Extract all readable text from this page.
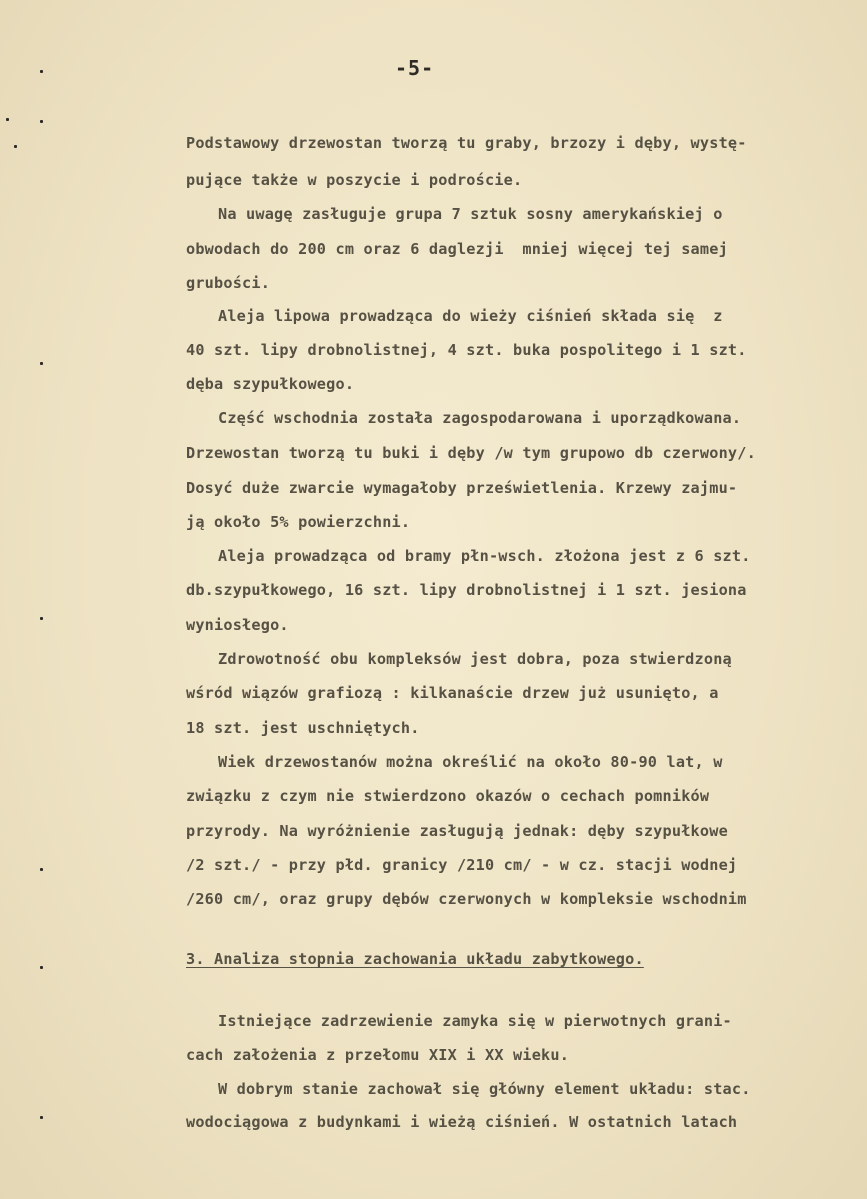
-5-
Podstawowy drzewostan tworzą tu graby, brzozy i dęby, wystę-
pujące także w poszycie i podroście.
Na uwagę zasługuje grupa 7 sztuk sosny amerykańskiej o
obwodach do 200 cm oraz 6 daglezji  mniej więcej tej samej
grubości.
Aleja lipowa prowadząca do wieży ciśnień składa się  z
40 szt. lipy drobnolistnej, 4 szt. buka pospolitego i 1 szt.
dęba szypułkowego.
Część wschodnia została zagospodarowana i uporządkowana.
Drzewostan tworzą tu buki i dęby /w tym grupowo db czerwony/.
Dosyć duże zwarcie wymagałoby prześwietlenia. Krzewy zajmu-
ją około 5% powierzchni.
Aleja prowadząca od bramy płn-wsch. złożona jest z 6 szt.
db.szypułkowego, 16 szt. lipy drobnolistnej i 1 szt. jesiona
wyniosłego.
Zdrowotność obu kompleksów jest dobra, poza stwierdzoną
wśród wiązów grafiozą : kilkanaście drzew już usunięto, a
18 szt. jest uschniętych.
Wiek drzewostanów można określić na około 80-90 lat, w
związku z czym nie stwierdzono okazów o cechach pomników
przyrody. Na wyróżnienie zasługują jednak: dęby szypułkowe
/2 szt./ - przy płd. granicy /210 cm/ - w cz. stacji wodnej
/260 cm/, oraz grupy dębów czerwonych w kompleksie wschodnim
3. Analiza stopnia zachowania układu zabytkowego.
Istniejące zadrzewienie zamyka się w pierwotnych grani-
cach założenia z przełomu XIX i XX wieku.
W dobrym stanie zachował się główny element układu: stac.
wodociągowa z budynkami i wieżą ciśnień. W ostatnich latach
